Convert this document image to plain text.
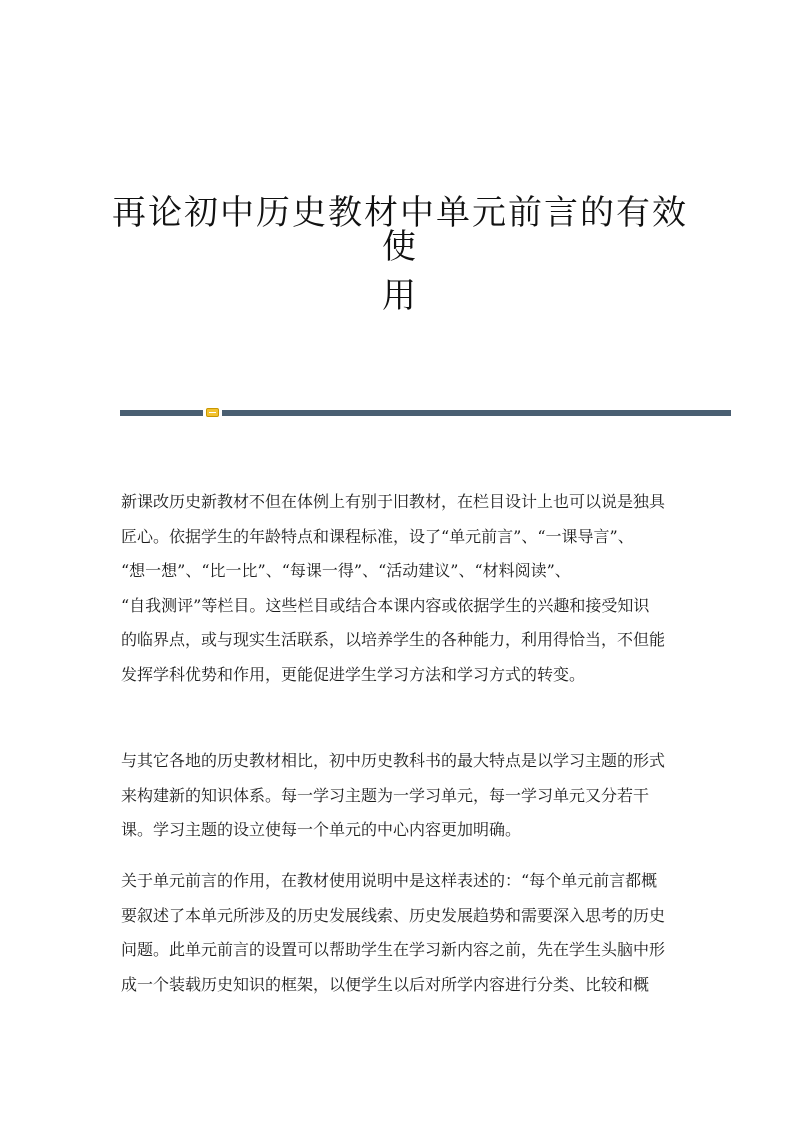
再论初中历史教材中单元前言的有效使
用
新课改历史新教材不但在体例上有别于旧教材，在栏目设计上也可以说是独具
匠心。依据学生的年龄特点和课程标准，设了“单元前言”、“一课导言”、
“想一想”、“比一比”、“每课一得”、“活动建议”、“材料阅读”、
“自我测评”等栏目。这些栏目或结合本课内容或依据学生的兴趣和接受知识
的临界点，或与现实生活联系，以培养学生的各种能力，利用得恰当，不但能
发挥学科优势和作用，更能促进学生学习方法和学习方式的转变。
与其它各地的历史教材相比，初中历史教科书的最大特点是以学习主题的形式
来构建新的知识体系。每一学习主题为一学习单元，每一学习单元又分若干
课。学习主题的设立使每一个单元的中心内容更加明确。
关于单元前言的作用，在教材使用说明中是这样表述的：“每个单元前言都概
要叙述了本单元所涉及的历史发展线索、历史发展趋势和需要深入思考的历史
问题。此单元前言的设置可以帮助学生在学习新内容之前，先在学生头脑中形
成一个装载历史知识的框架，以便学生以后对所学内容进行分类、比较和概
